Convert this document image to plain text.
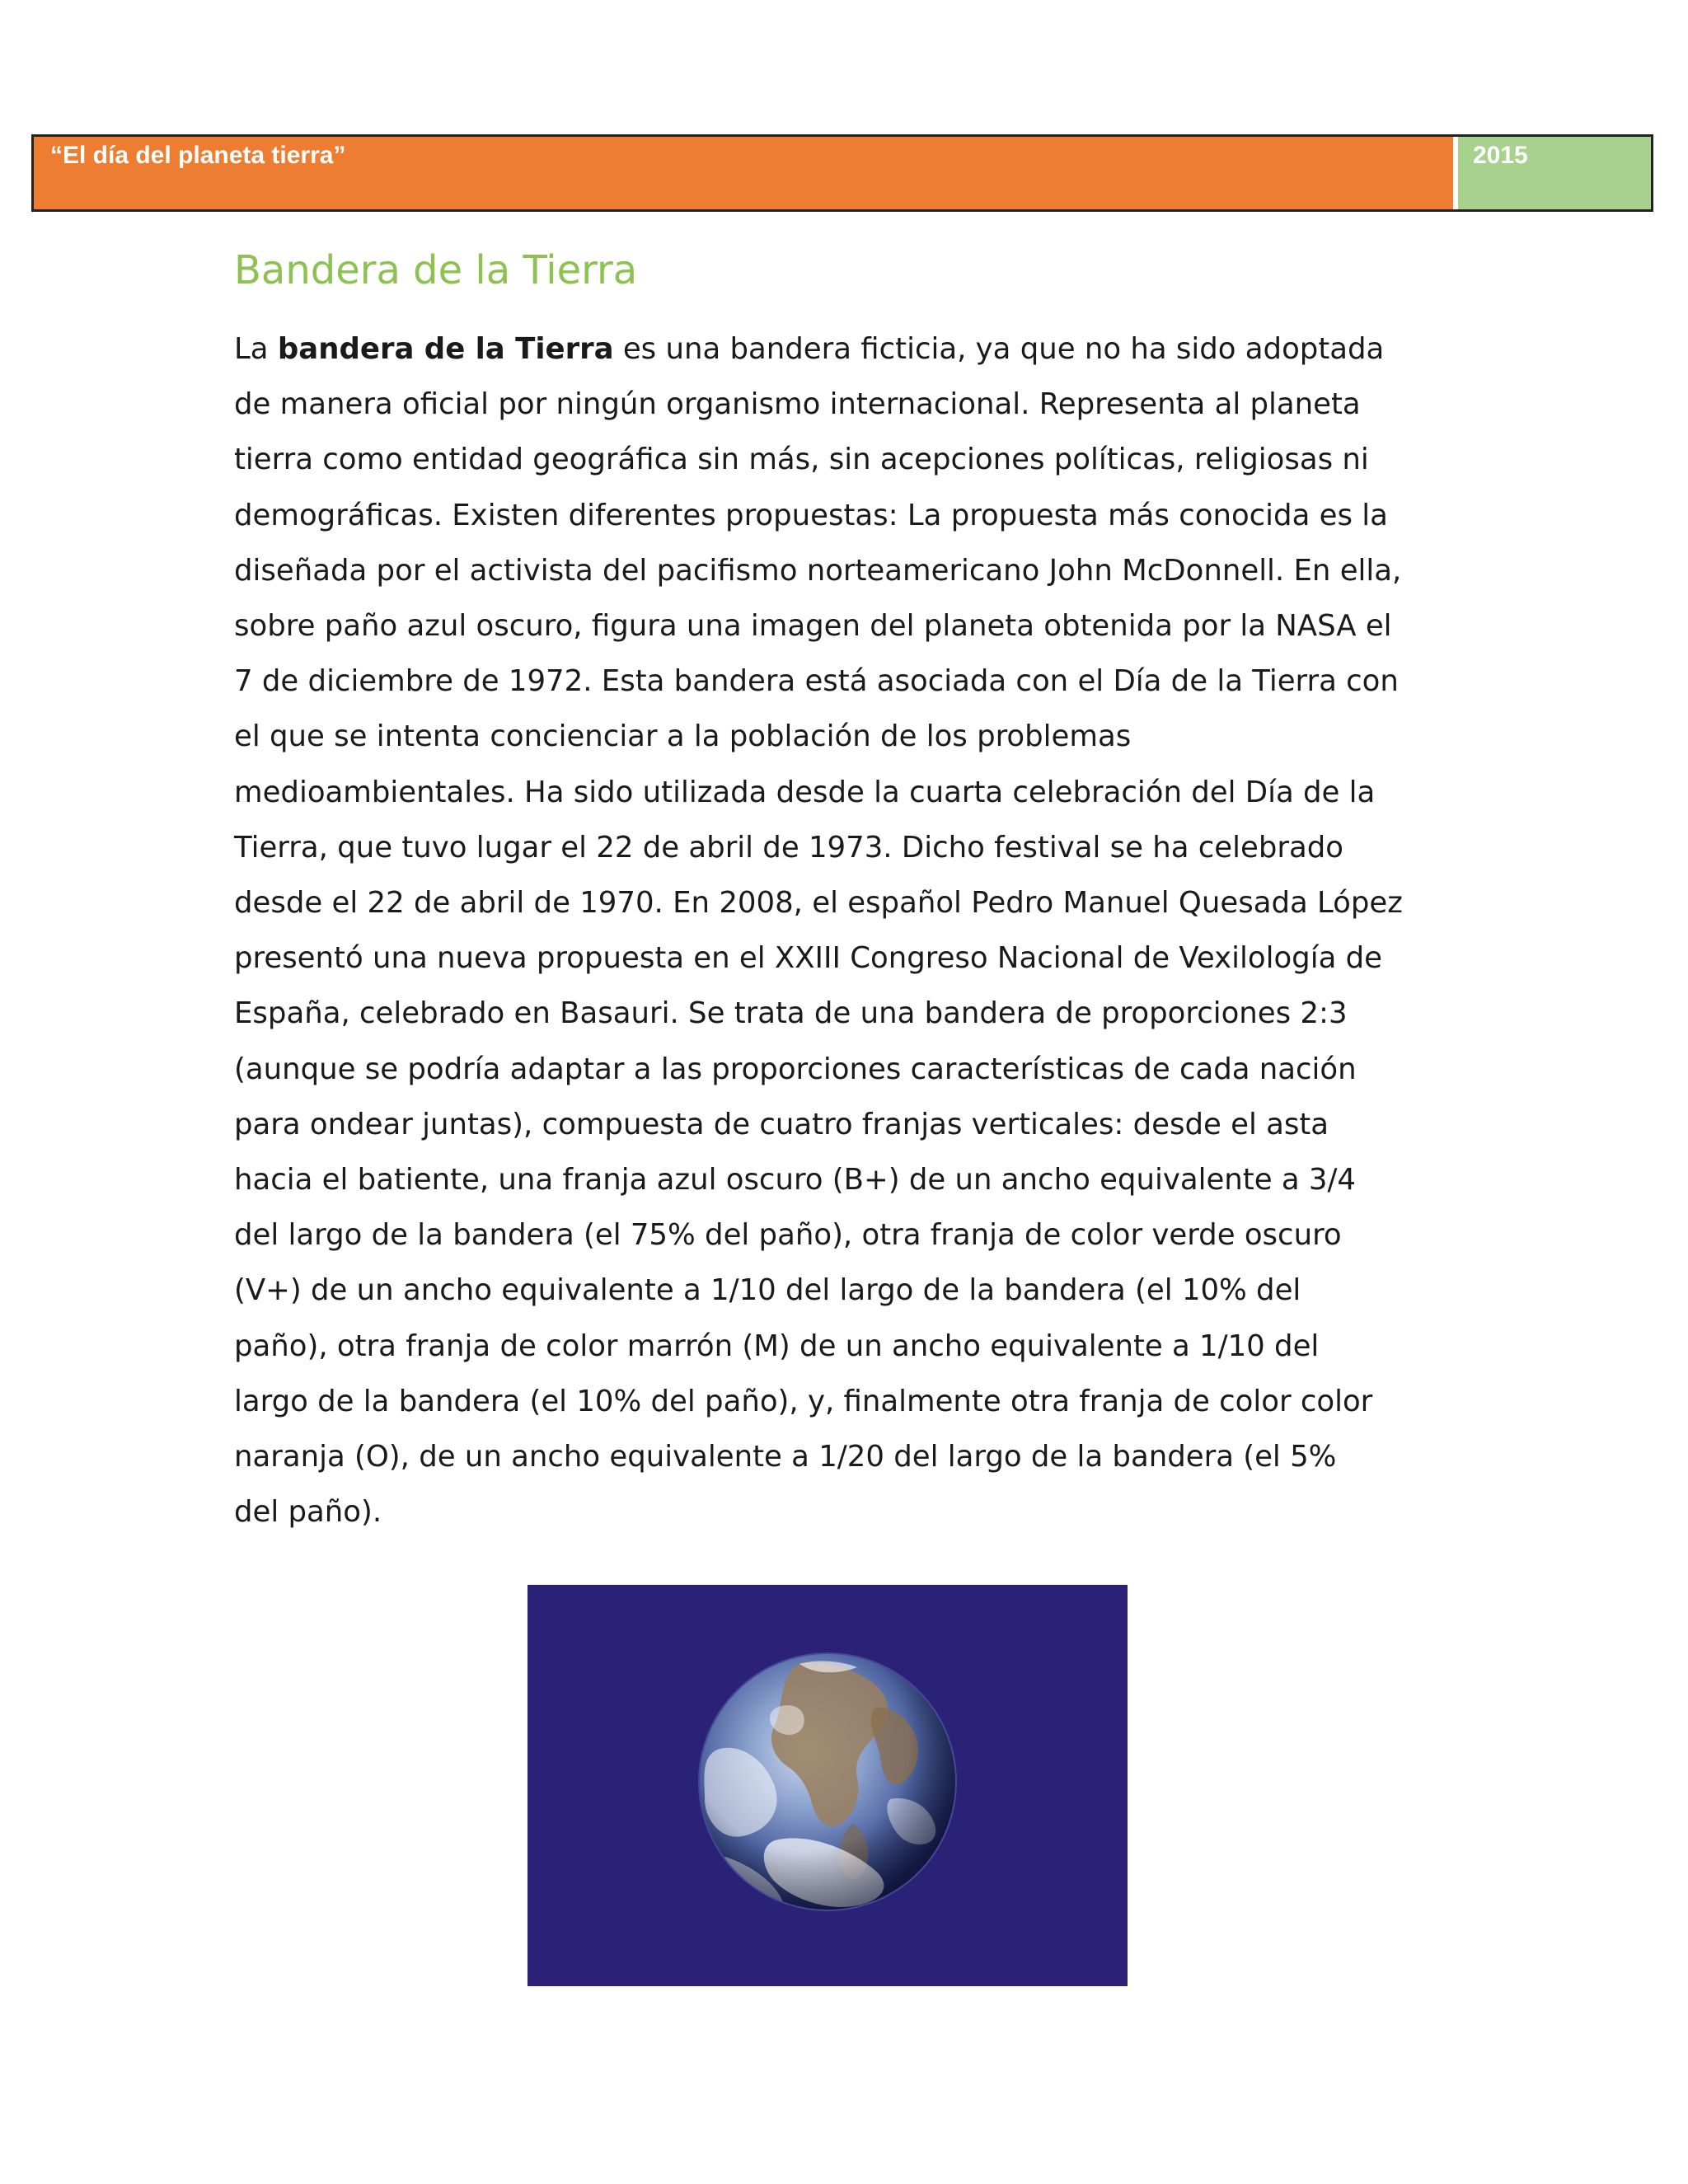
“El día del planeta tierra”	2015
Bandera de la Tierra
La bandera de la Tierra es una bandera ficticia, ya que no ha sido adoptada
de manera oficial por ningún organismo internacional. Representa al planeta
tierra como entidad geográfica sin más, sin acepciones políticas, religiosas ni
demográficas. Existen diferentes propuestas: La propuesta más conocida es la
diseñada por el activista del pacifismo norteamericano John McDonnell. En ella,
sobre paño azul oscuro, figura una imagen del planeta obtenida por la NASA el
7 de diciembre de 1972. Esta bandera está asociada con el Día de la Tierra con
el que se intenta concienciar a la población de los problemas
medioambientales. Ha sido utilizada desde la cuarta celebración del Día de la
Tierra, que tuvo lugar el 22 de abril de 1973. Dicho festival se ha celebrado
desde el 22 de abril de 1970. En 2008, el español Pedro Manuel Quesada López
presentó una nueva propuesta en el XXIII Congreso Nacional de Vexilología de
España, celebrado en Basauri. Se trata de una bandera de proporciones 2:3
(aunque se podría adaptar a las proporciones características de cada nación
para ondear juntas), compuesta de cuatro franjas verticales: desde el asta
hacia el batiente, una franja azul oscuro (B+) de un ancho equivalente a 3/4
del largo de la bandera (el 75% del paño), otra franja de color verde oscuro
(V+) de un ancho equivalente a 1/10 del largo de la bandera (el 10% del
paño), otra franja de color marrón (M) de un ancho equivalente a 1/10 del
largo de la bandera (el 10% del paño), y, finalmente otra franja de color color
naranja (O), de un ancho equivalente a 1/20 del largo de la bandera (el 5%
del paño).
